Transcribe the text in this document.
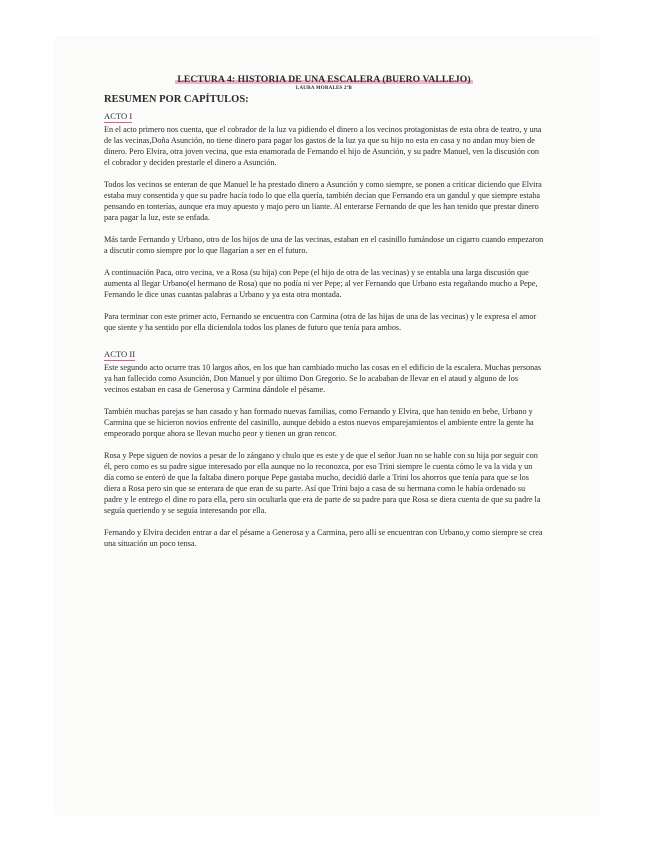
LECTURA 4: HISTORIA DE UNA ESCALERA (BUERO VALLEJO)

LAURA MORALES 2ºB

RESUMEN POR CAPÍTULOS:

ACTO I

En el acto primero nos cuenta, que el cobrador de la luz va pidiendo el dinero a los vecinos protagonistas de esta obra de teatro, y una de las vecinas,Doña Asunción, no tiene dinero para pagar los gastos de la luz ya que su hijo no esta en casa y no andan muy bien de dinero. Pero Elvira, otra joven vecina, que esta enamorada de Fernando el hijo de Asunción, y su padre Manuel, ven la discusión con el cobrador y deciden prestarle el dinero a Asunción.

Todos los vecinos se enteran de que Manuel le ha prestado dinero a Asunción y como siempre, se ponen a criticar diciendo que Elvira estaba muy consentida y que su padre hacía todo lo que ella quería, también decían que Fernando era un gandul y que siempre estaba pensando en tonterías, aunque era muy apuesto y majo pero un liante. Al enterarse Fernando de que les han tenido que prestar dinero para pagar la luz, este se enfada.

Más tarde Fernando y Urbano, otro de los hijos de una de las vecinas, estaban en el casinillo fumándose un cigarro cuando empezaron a discutir como siempre por lo que llagarían a ser en el futuro.

A continuación Paca, otro vecina, ve a Rosa (su hija) con Pepe (el hijo de otra de las vecinas) y se entabla una larga discusión que aumenta al llegar Urbano(el hermano de Rosa) que no podía ni ver Pepe; al ver Fernando que Urbano esta regañando mucho a Pepe, Fernando le dice unas cuantas palabras a Urbano y ya esta otra montada.

Para terminar con este primer acto, Fernando se encuentra con Carmina (otra de las hijas de una de las vecinas) y le expresa el amor que siente y ha sentido por ella diciendola todos los planes de futuro que tenía para ambos.

ACTO II

Este segundo acto ocurre tras 10 largos años, en los que han cambiado mucho las cosas en el edificio de la escalera. Muchas personas ya han fallecido como Asunción, Don Manuel y por último Don Gregorio. Se lo acababan de llevar en el ataud y alguno de los vecinos estaban en casa de Generosa y Carmina dándole el pésame.

También muchas parejas se han casado y han formado nuevas familias, como Fernando y Elvira, que han tenido en bebe, Urbano y Carmina que se hicieron novios enfrente del casinillo, aunque debido a estos nuevos emparejamientos el ambiente entre la gente ha empeorado porque ahora se llevan mucho peor y tienen un gran rencor.

Rosa y Pepe siguen de novios a pesar de lo zángano y chulo que es este y de que el señor Juan no se hable con su hija por seguir con él, pero como es su padre sigue interesado por ella aunque no lo reconozca, por eso Trini siempre le cuenta cómo le va la vida y un día como se enteró de que la faltaba dinero porque Pepe gastaba mucho, decidió darle a Trini los ahorros que tenía para que se los diera a Rosa pero sin que se enterara de que eran de su parte. Así que Trini bajo a casa de su hermana como le había ordenado su padre y le entrego el dine ro para ella, pero sin ocultarla que era de parte de su padre para que Rosa se diera cuenta de que su padre la seguía queriendo y se seguía interesando por ella.

Fernando y Elvira deciden entrar a dar el pésame a Generosa y a Carmina, pero allí se encuentran con Urbano,y como siempre se crea una situación un poco tensa.
